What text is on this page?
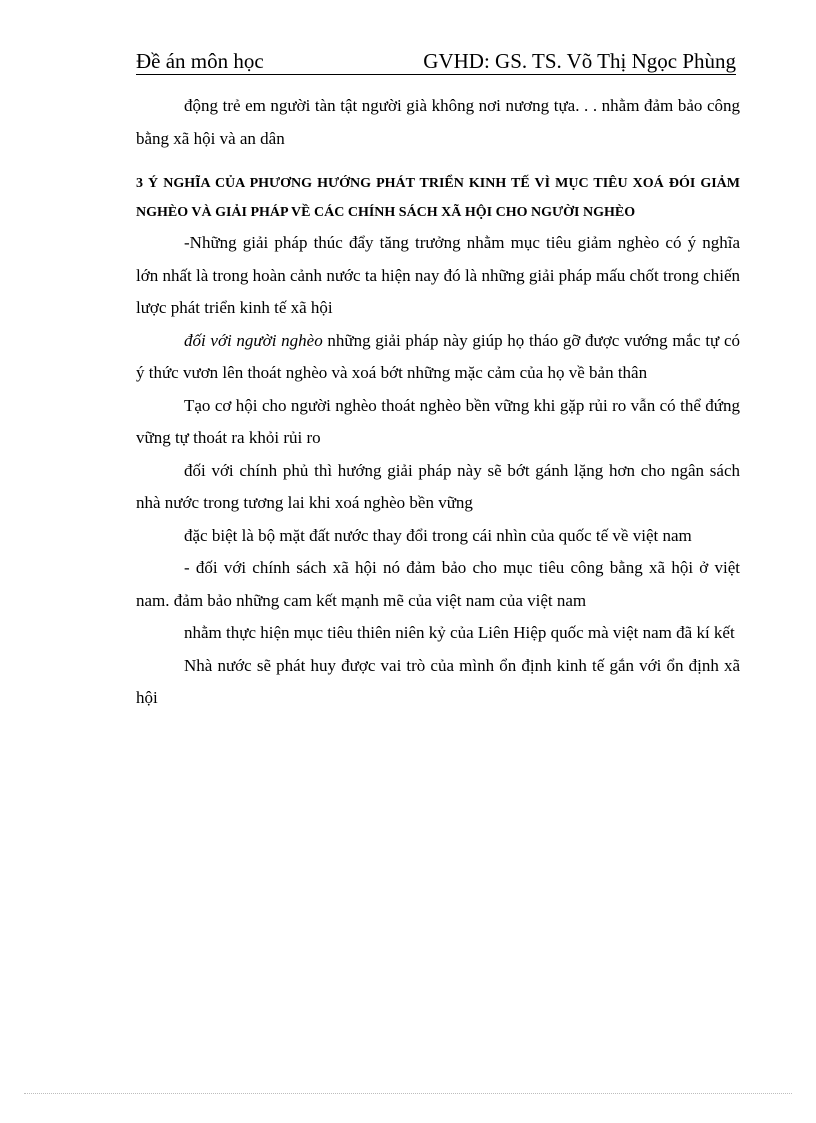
Đề án môn học	GVHD: GS. TS. Võ Thị Ngọc Phùng

động trẻ em người tàn tật người già không nơi nương tựa. . . nhằm đảm bảo công bằng xã hội và an dân

3 Ý NGHĨA CỦA PHƯƠNG HƯỚNG PHÁT TRIỂN KINH TẾ VÌ MỤC TIÊU XOÁ ĐÓI GIẢM NGHÈO VÀ GIẢI PHÁP VỀ CÁC CHÍNH SÁCH XÃ HỘI CHO NGƯỜI NGHÈO

-Những giải pháp thúc đẩy tăng trưởng nhằm mục tiêu giảm nghèo có ý nghĩa lớn nhất là trong hoàn cảnh nước ta hiện nay đó là những giải pháp mấu chốt trong chiến lược phát triển kinh tế xã hội

đối với người nghèo những giải pháp này giúp họ tháo gỡ được vướng mắc tự có ý thức vươn lên thoát nghèo và xoá bớt những mặc cảm của họ về bản thân

Tạo cơ hội cho người nghèo thoát nghèo bền vững khi gặp rủi ro vẫn có thể đứng vững tự thoát ra khỏi rủi ro

đối với chính phủ thì hướng giải pháp này sẽ bớt gánh lặng hơn cho ngân sách nhà nước trong tương lai khi xoá nghèo bền vững

đặc biệt là bộ mặt đất nước thay đổi trong cái nhìn của quốc tế về việt nam

- đối với chính sách xã hội nó đảm bảo cho mục tiêu công bằng xã hội ở việt nam. đảm bảo những cam kết mạnh mẽ của việt nam của việt nam

nhằm thực hiện mục tiêu thiên niên kỷ của Liên Hiệp quốc mà việt nam đã kí kết

Nhà nước sẽ phát huy được vai trò của mình ổn định kinh tế gắn với ổn định xã hội
